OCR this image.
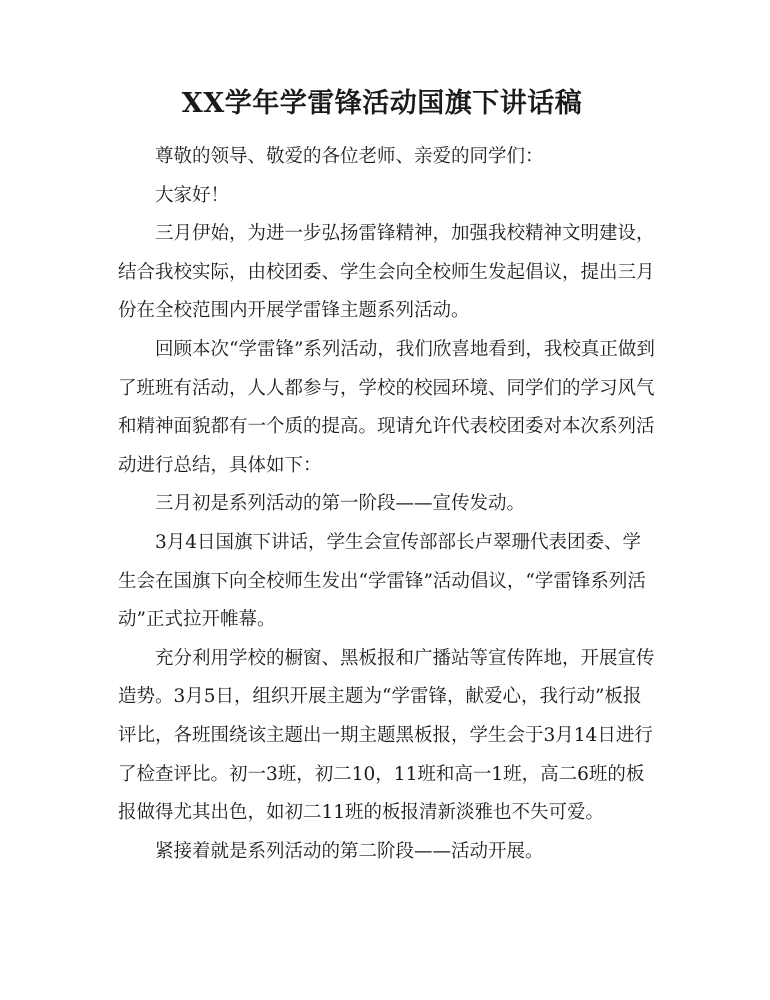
XX学年学雷锋活动国旗下讲话稿

尊敬的领导、敬爱的各位老师、亲爱的同学们：

大家好！

三月伊始，为进一步弘扬雷锋精神，加强我校精神文明建设，结合我校实际，由校团委、学生会向全校师生发起倡议，提出三月份在全校范围内开展学雷锋主题系列活动。

回顾本次“学雷锋”系列活动，我们欣喜地看到，我校真正做到了班班有活动，人人都参与，学校的校园环境、同学们的学习风气和精神面貌都有一个质的提高。现请允许代表校团委对本次系列活动进行总结，具体如下：

三月初是系列活动的第一阶段——宣传发动。

3月4日国旗下讲话，学生会宣传部部长卢翠珊代表团委、学生会在国旗下向全校师生发出“学雷锋”活动倡议，“学雷锋系列活动”正式拉开帷幕。

充分利用学校的橱窗、黑板报和广播站等宣传阵地，开展宣传造势。3月5日，组织开展主题为“学雷锋，献爱心，我行动”板报评比，各班围绕该主题出一期主题黑板报，学生会于3月14日进行了检查评比。初一3班，初二10，11班和高一1班，高二6班的板报做得尤其出色，如初二11班的板报清新淡雅也不失可爱。

紧接着就是系列活动的第二阶段——活动开展。
